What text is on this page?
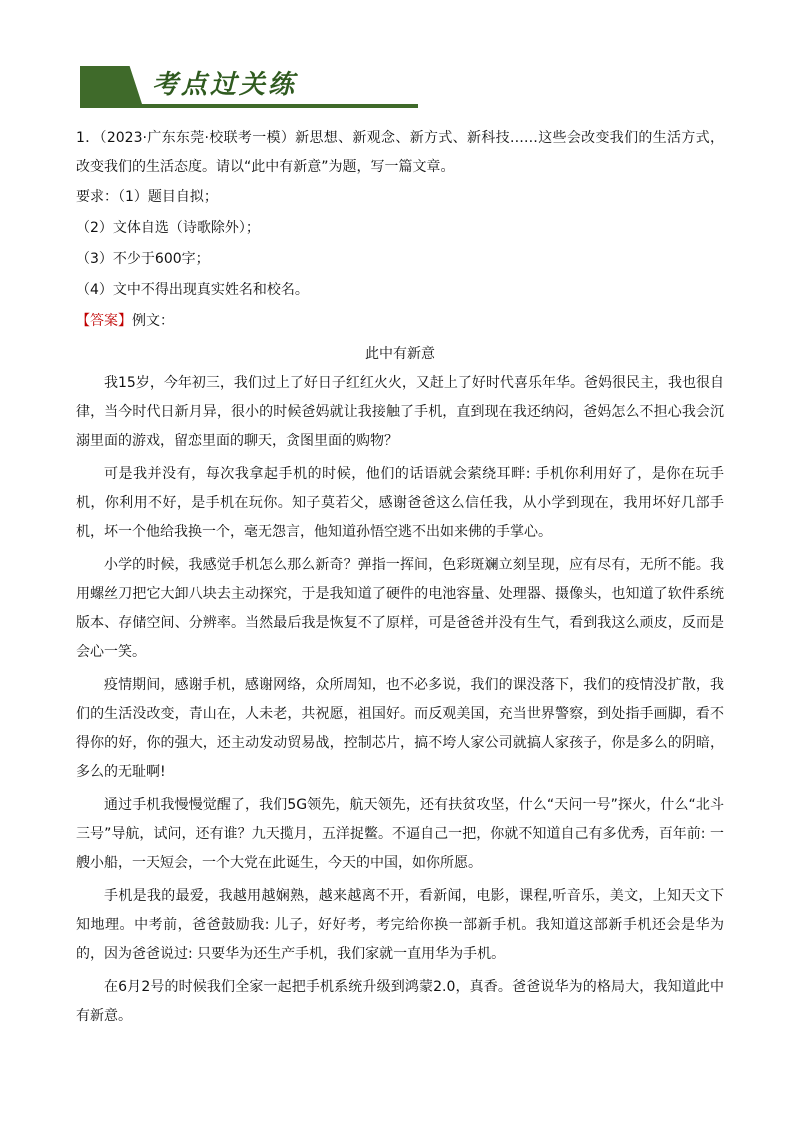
考点过关练
1．（2023·广东东莞·校联考一模）新思想、新观念、新方式、新科技……这些会改变我们的生活方式，改变我们的生活态度。请以“此中有新意”为题，写一篇文章。
要求：（1）题目自拟；
（2）文体自选（诗歌除外）；
（3）不少于600字；
（4）文中不得出现真实姓名和校名。
【答案】例文：
此中有新意

我15岁，今年初三，我们过上了好日子红红火火，又赶上了好时代喜乐年华。爸妈很民主，我也很自律，当今时代日新月异，很小的时候爸妈就让我接触了手机，直到现在我还纳闷，爸妈怎么不担心我会沉溺里面的游戏，留恋里面的聊天，贪图里面的购物？

可是我并没有，每次我拿起手机的时候，他们的话语就会萦绕耳畔: 手机你利用好了，是你在玩手机，你利用不好，是手机在玩你。知子莫若父，感谢爸爸这么信任我，从小学到现在，我用坏好几部手机，坏一个他给我换一个，毫无怨言，他知道孙悟空逃不出如来佛的手掌心。

小学的时候，我感觉手机怎么那么新奇？弹指一挥间，色彩斑斓立刻呈现，应有尽有，无所不能。我用螺丝刀把它大卸八块去主动探究，于是我知道了硬件的电池容量、处理器、摄像头，也知道了软件系统版本、存储空间、分辨率。当然最后我是恢复不了原样，可是爸爸并没有生气，看到我这么顽皮，反而是会心一笑。

疫情期间，感谢手机，感谢网络，众所周知，也不必多说，我们的课没落下，我们的疫情没扩散，我们的生活没改变，青山在，人未老，共祝愿，祖国好。而反观美国，充当世界警察，到处指手画脚，看不得你的好，你的强大，还主动发动贸易战，控制芯片，搞不垮人家公司就搞人家孩子，你是多么的阴暗，多么的无耻啊!

通过手机我慢慢觉醒了，我们5G领先，航天领先，还有扶贫攻坚，什么“天问一号”探火，什么“北斗三号”导航，试问，还有谁？九天揽月，五洋捉鳖。不逼自己一把，你就不知道自己有多优秀，百年前: 一艘小船，一天短会，一个大党在此诞生，今天的中国，如你所愿。

手机是我的最爱，我越用越娴熟，越来越离不开，看新闻，电影，课程,听音乐，美文，上知天文下知地理。中考前，爸爸鼓励我: 儿子，好好考，考完给你换一部新手机。我知道这部新手机还会是华为的，因为爸爸说过: 只要华为还生产手机，我们家就一直用华为手机。

在6月2号的时候我们全家一起把手机系统升级到鸿蒙2.0，真香。爸爸说华为的格局大，我知道此中有新意。
